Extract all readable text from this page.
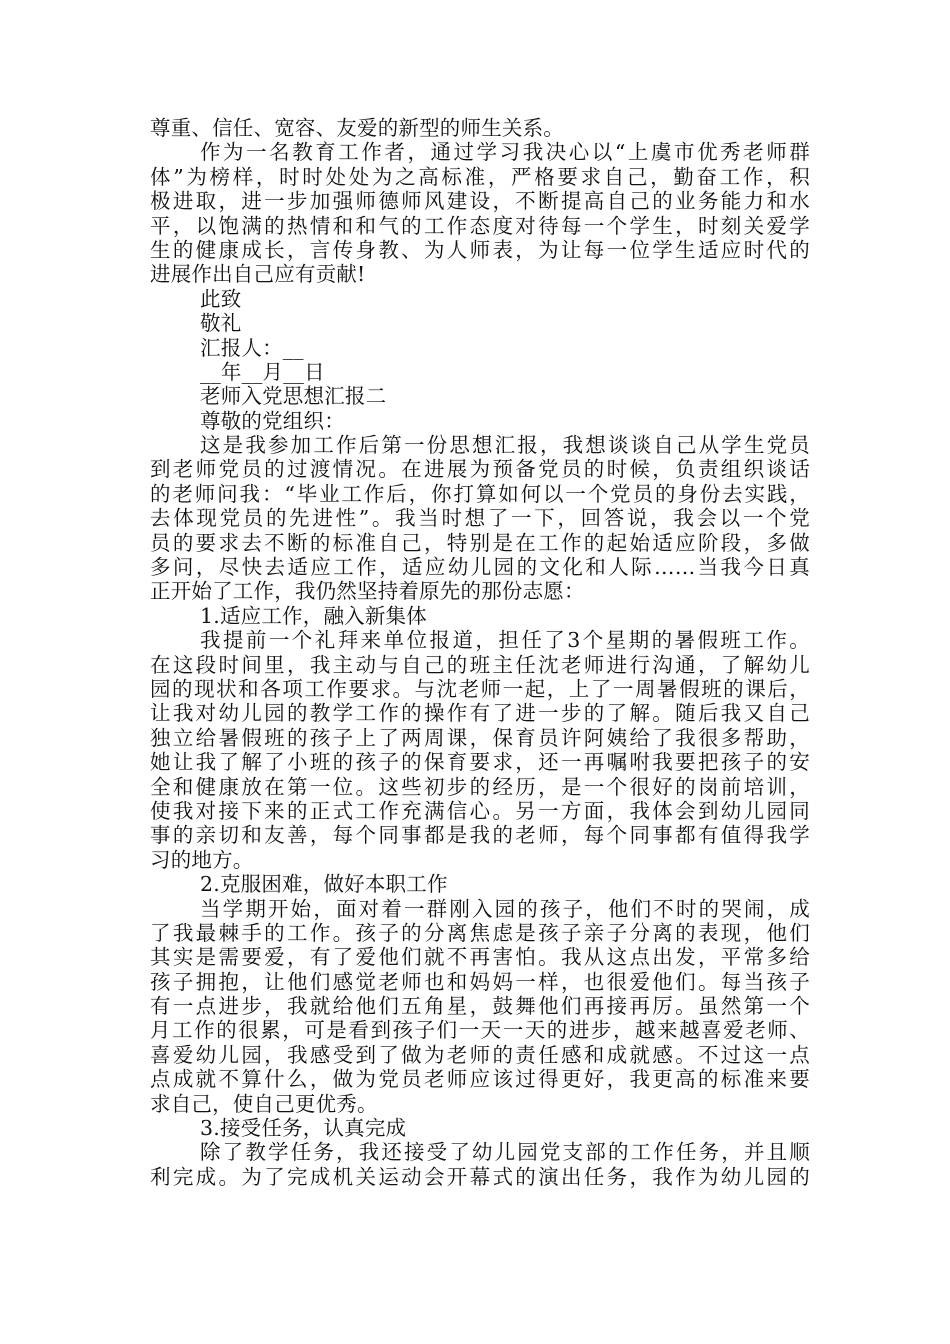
尊重、信任、宽容、友爱的新型的师生关系。
作为一名教育工作者，通过学习我决心以“上虞市优秀老师群
体”为榜样，时时处处为之高标准，严格要求自己，勤奋工作，积
极进取，进一步加强师德师风建设，不断提高自己的业务能力和水
平，以饱满的热情和和气的工作态度对待每一个学生，时刻关爱学
生的健康成长，言传身教、为人师表，为让每一位学生适应时代的
进展作出自己应有贡献!
此致
敬礼
汇报人：__
__年__月__日
老师入党思想汇报二
尊敬的党组织：
这是我参加工作后第一份思想汇报，我想谈谈自己从学生党员
到老师党员的过渡情况。在进展为预备党员的时候，负责组织谈话
的老师问我：“毕业工作后，你打算如何以一个党员的身份去实践，
去体现党员的先进性”。我当时想了一下，回答说，我会以一个党
员的要求去不断的标准自己，特别是在工作的起始适应阶段，多做
多问，尽快去适应工作，适应幼儿园的文化和人际……当我今日真
正开始了工作，我仍然坚持着原先的那份志愿：
1.适应工作，融入新集体
我提前一个礼拜来单位报道，担任了3个星期的暑假班工作。
在这段时间里，我主动与自己的班主任沈老师进行沟通，了解幼儿
园的现状和各项工作要求。与沈老师一起，上了一周暑假班的课后，
让我对幼儿园的教学工作的操作有了进一步的了解。随后我又自己
独立给暑假班的孩子上了两周课，保育员许阿姨给了我很多帮助，
她让我了解了小班的孩子的保育要求，还一再嘱咐我要把孩子的安
全和健康放在第一位。这些初步的经历，是一个很好的岗前培训，
使我对接下来的正式工作充满信心。另一方面，我体会到幼儿园同
事的亲切和友善，每个同事都是我的老师，每个同事都有值得我学
习的地方。
2.克服困难，做好本职工作
当学期开始，面对着一群刚入园的孩子，他们不时的哭闹，成
了我最棘手的工作。孩子的分离焦虑是孩子亲子分离的表现，他们
其实是需要爱，有了爱他们就不再害怕。我从这点出发，平常多给
孩子拥抱，让他们感觉老师也和妈妈一样，也很爱他们。每当孩子
有一点进步，我就给他们五角星，鼓舞他们再接再厉。虽然第一个
月工作的很累，可是看到孩子们一天一天的进步，越来越喜爱老师、
喜爱幼儿园，我感受到了做为老师的责任感和成就感。不过这一点
点成就不算什么，做为党员老师应该过得更好，我更高的标准来要
求自己，使自己更优秀。
3.接受任务，认真完成
除了教学任务，我还接受了幼儿园党支部的工作任务，并且顺
利完成。为了完成机关运动会开幕式的演出任务，我作为幼儿园的
